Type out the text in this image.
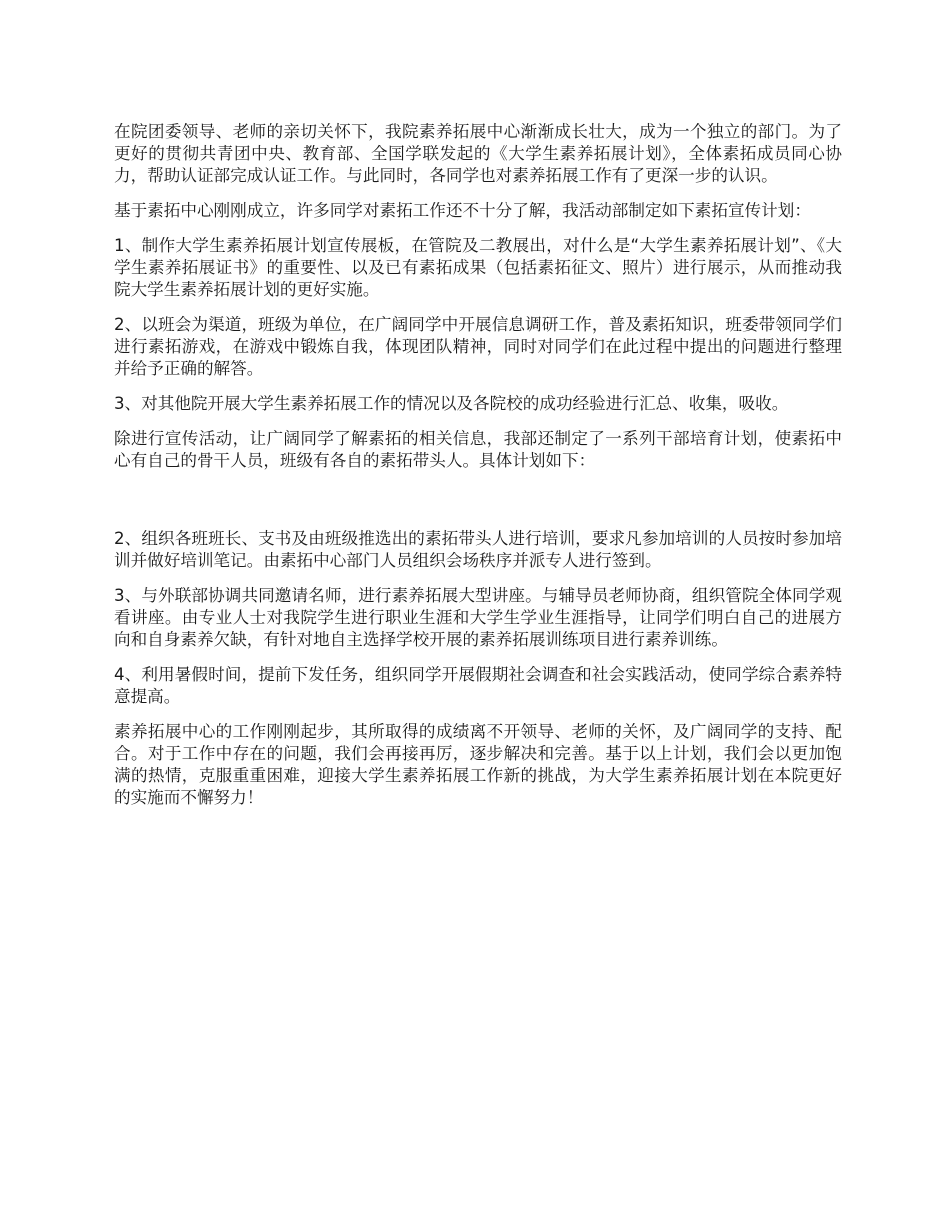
在院团委领导、老师的亲切关怀下，我院素养拓展中心渐渐成长壮大，成为一个独立的部门。为了更好的贯彻共青团中央、教育部、全国学联发起的《大学生素养拓展计划》，全体素拓成员同心协力，帮助认证部完成认证工作。与此同时，各同学也对素养拓展工作有了更深一步的认识。

基于素拓中心刚刚成立，许多同学对素拓工作还不十分了解，我活动部制定如下素拓宣传计划：

1、制作大学生素养拓展计划宣传展板，在管院及二教展出，对什么是“大学生素养拓展计划”、《大学生素养拓展证书》的重要性、以及已有素拓成果（包括素拓征文、照片）进行展示，从而推动我院大学生素养拓展计划的更好实施。

2、以班会为渠道，班级为单位，在广阔同学中开展信息调研工作，普及素拓知识，班委带领同学们进行素拓游戏，在游戏中锻炼自我，体现团队精神，同时对同学们在此过程中提出的问题进行整理并给予正确的解答。

3、对其他院开展大学生素养拓展工作的情况以及各院校的成功经验进行汇总、收集，吸收。

除进行宣传活动，让广阔同学了解素拓的相关信息，我部还制定了一系列干部培育计划，使素拓中心有自己的骨干人员，班级有各自的素拓带头人。具体计划如下：

2、组织各班班长、支书及由班级推选出的素拓带头人进行培训，要求凡参加培训的人员按时参加培训并做好培训笔记。由素拓中心部门人员组织会场秩序并派专人进行签到。

3、与外联部协调共同邀请名师，进行素养拓展大型讲座。与辅导员老师协商，组织管院全体同学观看讲座。由专业人士对我院学生进行职业生涯和大学生学业生涯指导，让同学们明白自己的进展方向和自身素养欠缺，有针对地自主选择学校开展的素养拓展训练项目进行素养训练。

4、利用暑假时间，提前下发任务，组织同学开展假期社会调查和社会实践活动，使同学综合素养特意提高。

素养拓展中心的工作刚刚起步，其所取得的成绩离不开领导、老师的关怀，及广阔同学的支持、配合。对于工作中存在的问题，我们会再接再厉，逐步解决和完善。基于以上计划，我们会以更加饱满的热情，克服重重困难，迎接大学生素养拓展工作新的挑战，为大学生素养拓展计划在本院更好的实施而不懈努力！
